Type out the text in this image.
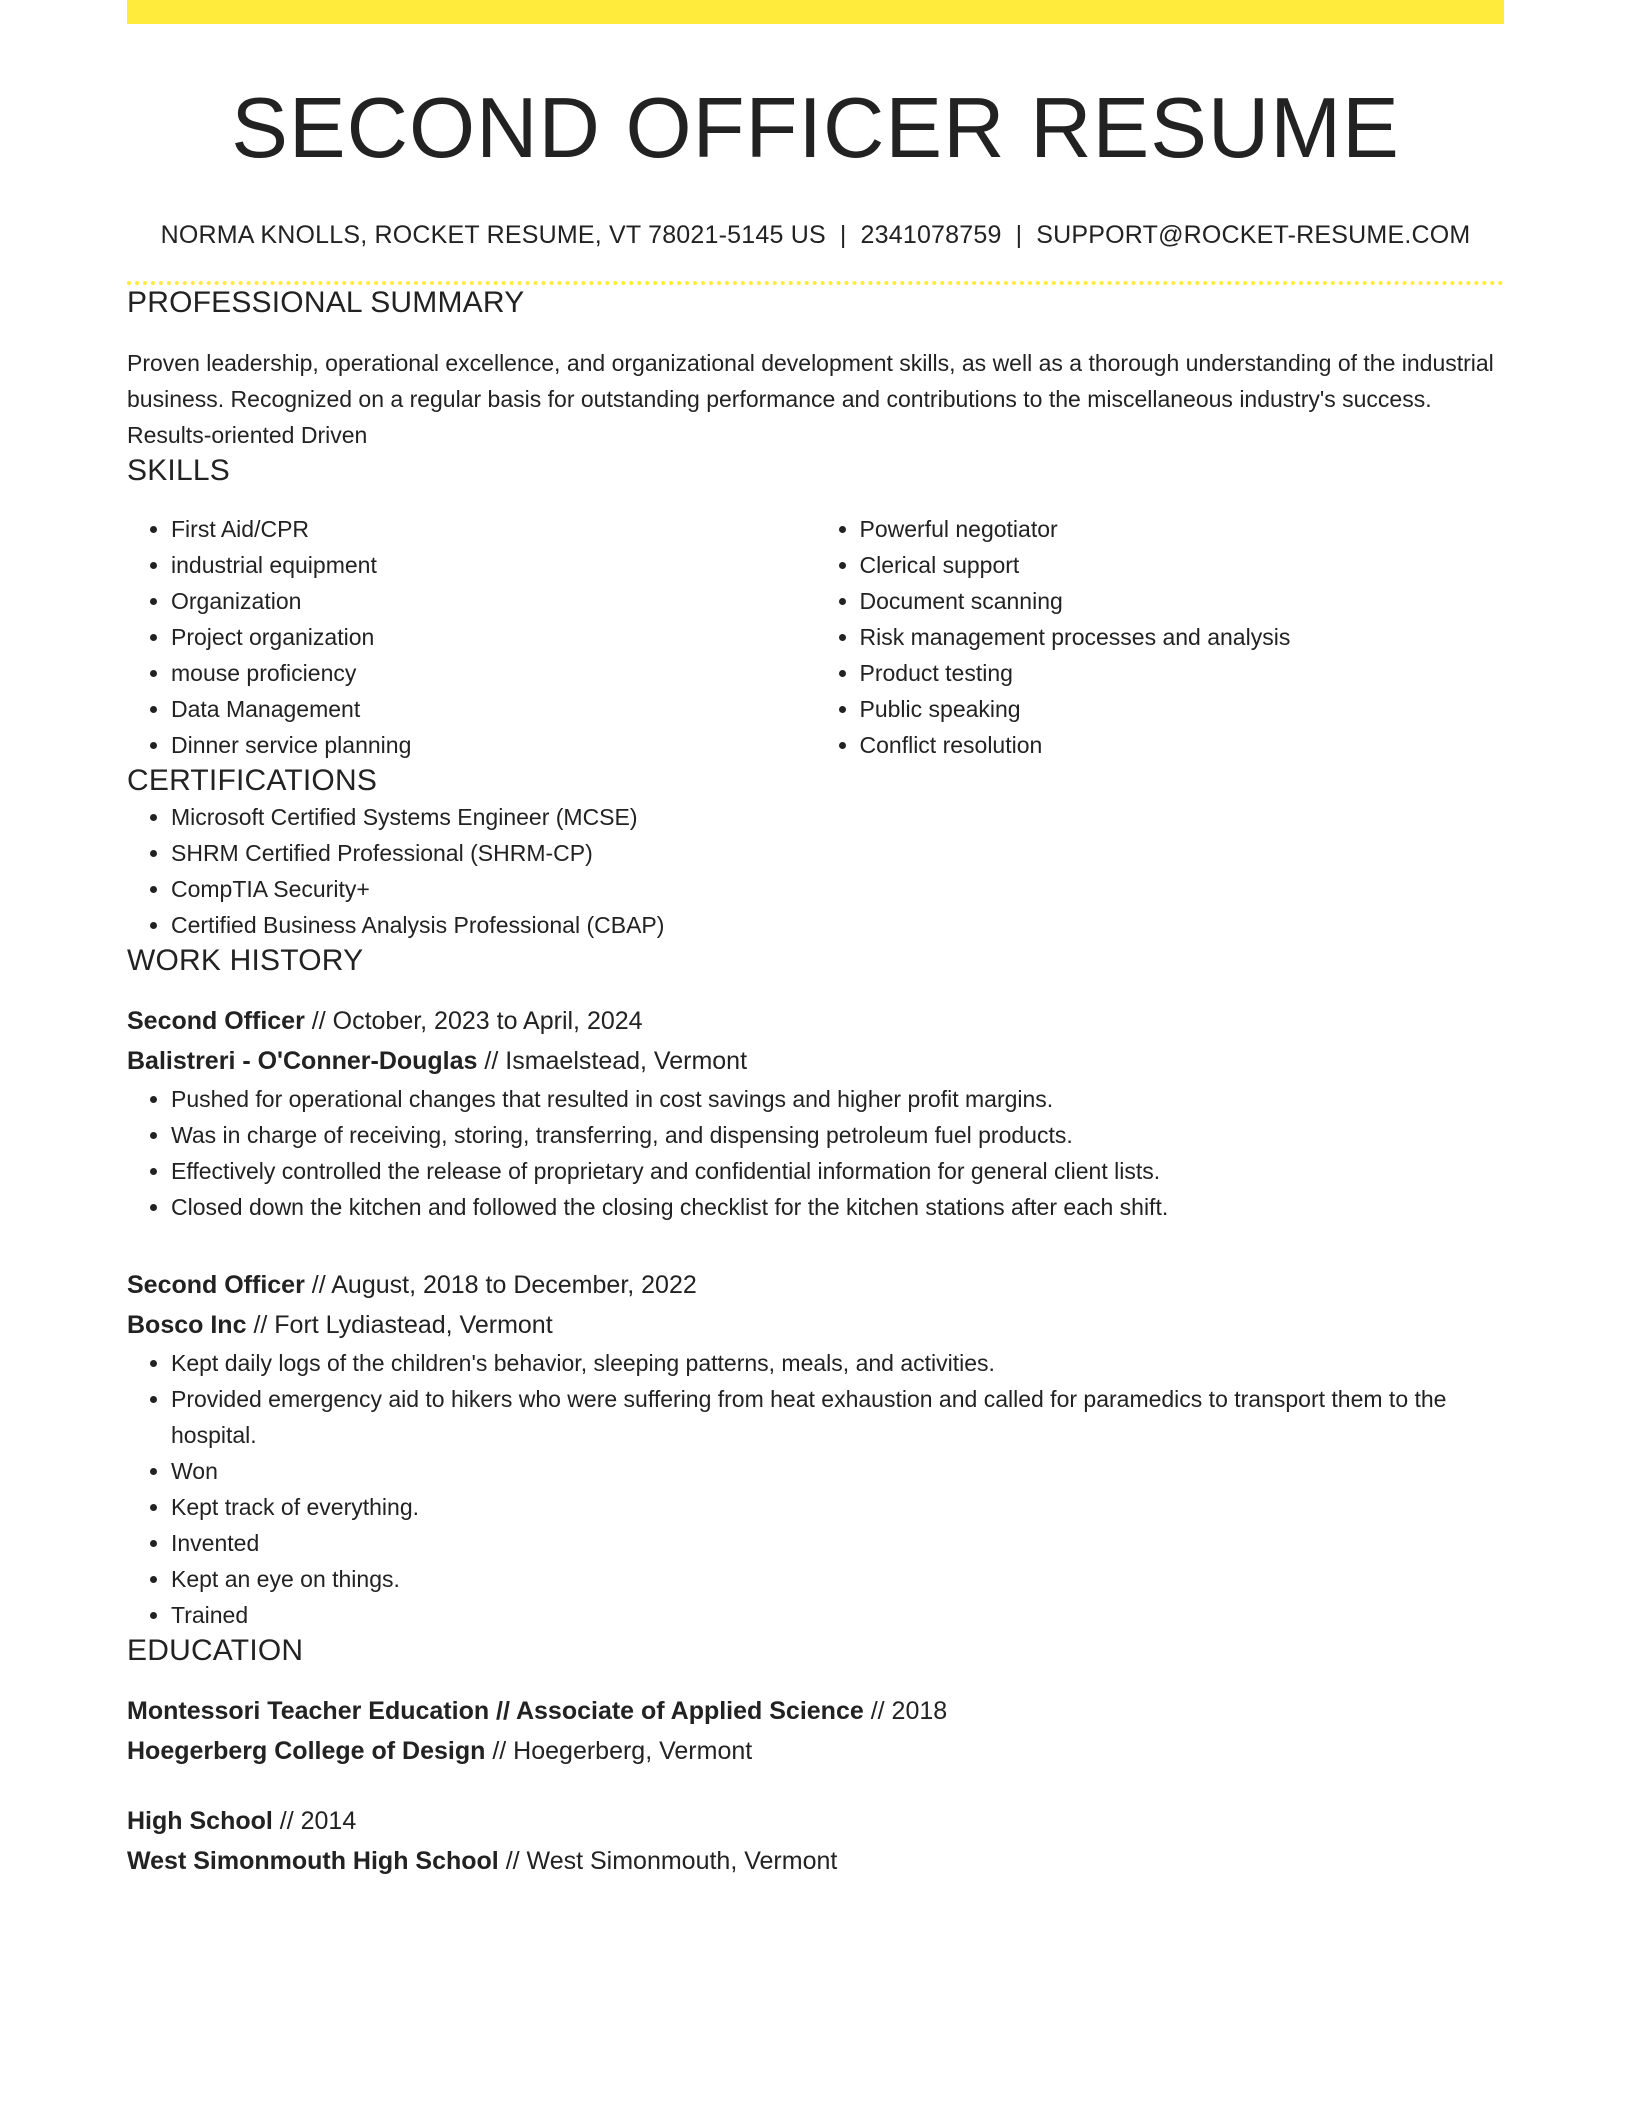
SECOND OFFICER RESUME
NORMA KNOLLS, ROCKET RESUME, VT 78021-5145 US | 2341078759 | SUPPORT@ROCKET-RESUME.COM
PROFESSIONAL SUMMARY
Proven leadership, operational excellence, and organizational development skills, as well as a thorough understanding of the industrial business. Recognized on a regular basis for outstanding performance and contributions to the miscellaneous industry's success. Results-oriented Driven
SKILLS
• First Aid/CPR
• industrial equipment
• Organization
• Project organization
• mouse proficiency
• Data Management
• Dinner service planning
• Powerful negotiator
• Clerical support
• Document scanning
• Risk management processes and analysis
• Product testing
• Public speaking
• Conflict resolution
CERTIFICATIONS
• Microsoft Certified Systems Engineer (MCSE)
• SHRM Certified Professional (SHRM-CP)
• CompTIA Security+
• Certified Business Analysis Professional (CBAP)
WORK HISTORY
Second Officer // October, 2023 to April, 2024
Balistreri - O'Conner-Douglas // Ismaelstead, Vermont
• Pushed for operational changes that resulted in cost savings and higher profit margins.
• Was in charge of receiving, storing, transferring, and dispensing petroleum fuel products.
• Effectively controlled the release of proprietary and confidential information for general client lists.
• Closed down the kitchen and followed the closing checklist for the kitchen stations after each shift.
Second Officer // August, 2018 to December, 2022
Bosco Inc // Fort Lydiastead, Vermont
• Kept daily logs of the children's behavior, sleeping patterns, meals, and activities.
• Provided emergency aid to hikers who were suffering from heat exhaustion and called for paramedics to transport them to the hospital.
• Won
• Kept track of everything.
• Invented
• Kept an eye on things.
• Trained
EDUCATION
Montessori Teacher Education // Associate of Applied Science // 2018
Hoegerberg College of Design // Hoegerberg, Vermont
High School // 2014
West Simonmouth High School // West Simonmouth, Vermont
